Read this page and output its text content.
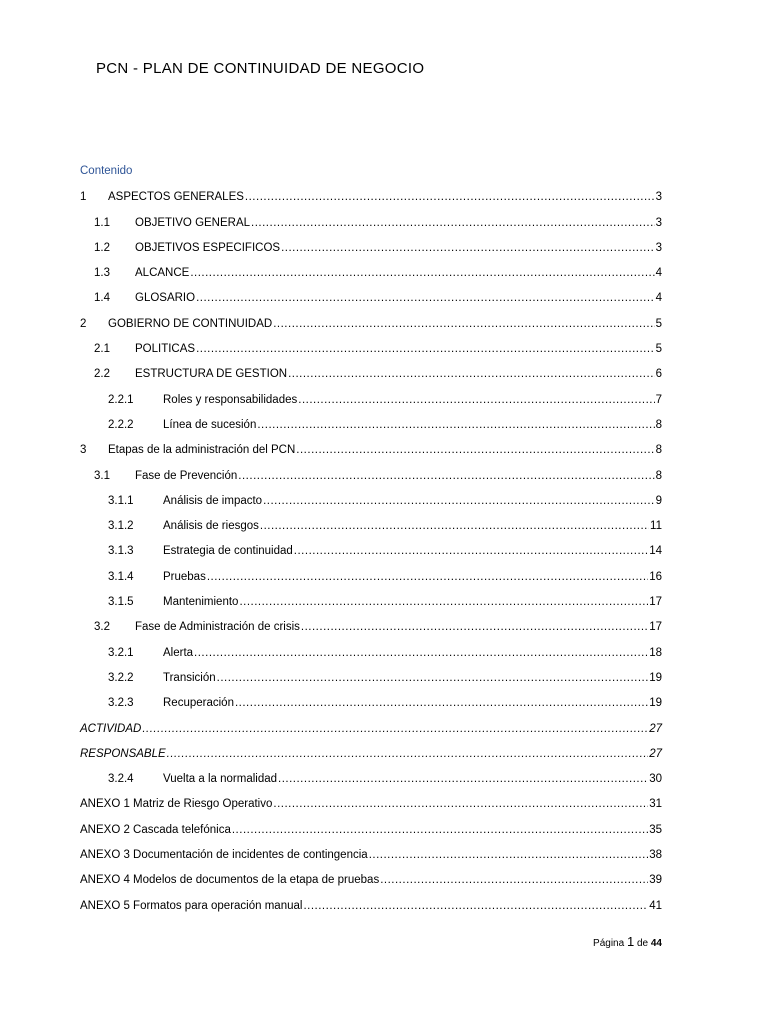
PCN - PLAN DE CONTINUIDAD DE NEGOCIO
Contenido
1	ASPECTOS GENERALES .....	3
1.1	OBJETIVO GENERAL .....	3
1.2	OBJETIVOS ESPECIFICOS .....	3
1.3	ALCANCE .....	4
1.4	GLOSARIO .....	4
2	GOBIERNO DE CONTINUIDAD .....	5
2.1	POLITICAS .....	5
2.2	ESTRUCTURA DE GESTION .....	6
2.2.1	Roles y responsabilidades .....	7
2.2.2	Línea de sucesión .....	8
3	Etapas de la administración del PCN .....	8
3.1	Fase de Prevención .....	8
3.1.1	Análisis de impacto .....	9
3.1.2	Análisis de riesgos .....	11
3.1.3	Estrategia de continuidad .....	14
3.1.4	Pruebas .....	16
3.1.5	Mantenimiento .....	17
3.2	Fase de Administración de crisis .....	17
3.2.1	Alerta .....	18
3.2.2	Transición .....	19
3.2.3	Recuperación .....	19
ACTIVIDAD .....	27
RESPONSABLE .....	27
3.2.4	Vuelta a la normalidad .....	30
ANEXO 1 Matriz de Riesgo Operativo .....	31
ANEXO 2 Cascada telefónica .....	35
ANEXO 3 Documentación de incidentes de contingencia .....	38
ANEXO 4 Modelos de documentos de la etapa de pruebas .....	39
ANEXO 5 Formatos para operación manual .....	41
Página 1 de 44
